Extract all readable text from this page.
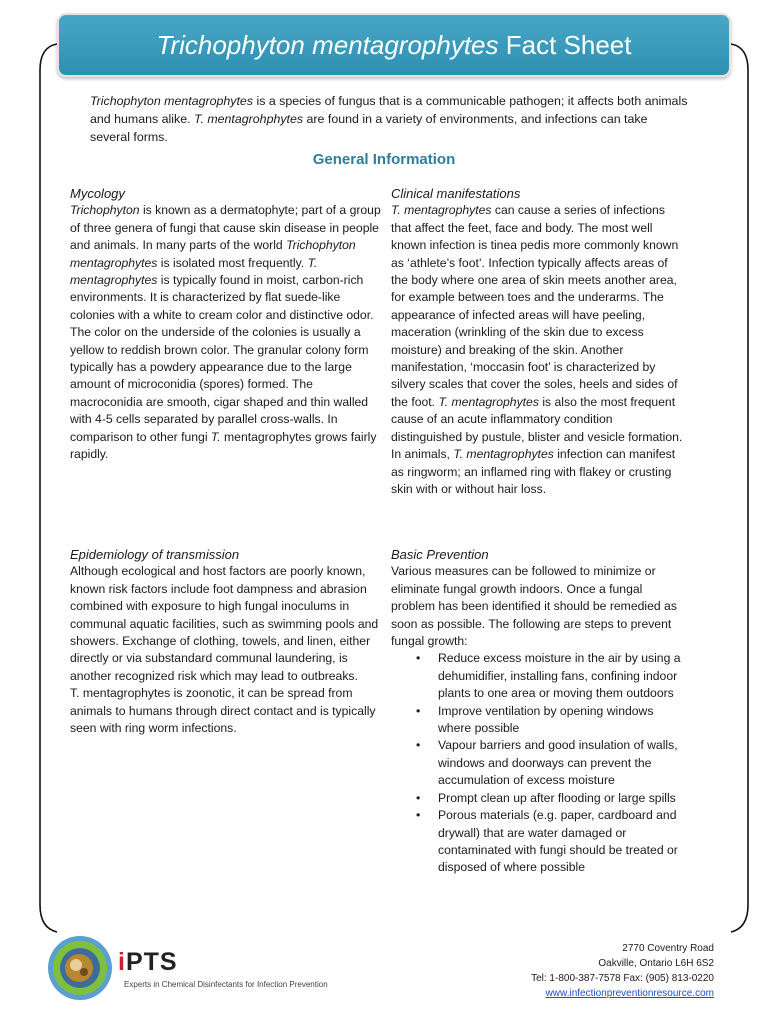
Trichophyton mentagrophytes Fact Sheet
Trichophyton mentagrophytes is a species of fungus that is a communicable pathogen; it affects both animals and humans alike. T. mentagrohphytes are found in a variety of environments, and infections can take several forms.
General Information
Mycology

Trichophyton is known as a dermatophyte; part of a group of three genera of fungi that cause skin disease in people and animals. In many parts of the world Trichophyton mentagrophytes is isolated most frequently. T. mentagrophytes is typically found in moist, carbon-rich environments. It is characterized by flat suede-like colonies with a white to cream color and distinctive odor. The color on the underside of the colonies is usually a yellow to reddish brown color. The granular colony form typically has a powdery appearance due to the large amount of microconidia (spores) formed. The macroconidia are smooth, cigar shaped and thin walled with 4-5 cells separated by parallel cross-walls. In comparison to other fungi T. mentagrophytes grows fairly rapidly.

Clinical manifestations

T. mentagrophytes can cause a series of infections that affect the feet, face and body. The most well known infection is tinea pedis more commonly known as ‘athlete’s foot’. Infection typically affects areas of the body where one area of skin meets another area, for example between toes and the underarms. The appearance of infected areas will have peeling, maceration (wrinkling of the skin due to excess moisture) and breaking of the skin. Another manifestation, ‘moccasin foot’ is characterized by silvery scales that cover the soles, heels and sides of the foot. T. mentagrophytes is also the most frequent cause of an acute inflammatory condition distinguished by pustule, blister and vesicle formation. In animals, T. mentagrophytes infection can manifest as ringworm; an inflamed ring with flakey or crusting skin with or without hair loss.

Epidemiology of transmission

Although ecological and host factors are poorly known, known risk factors include foot dampness and abrasion combined with exposure to high fungal inoculums in communal aquatic facilities, such as swimming pools and showers. Exchange of clothing, towels, and linen, either directly or via substandard communal laundering, is another recognized risk which may lead to outbreaks.

T. mentagrophytes is zoonotic, it can be spread from animals to humans through direct contact and is typically seen with ring worm infections.

Basic Prevention

Various measures can be followed to minimize or eliminate fungal growth indoors. Once a fungal problem has been identified it should be remedied as soon as possible. The following are steps to prevent fungal growth:

• Reduce excess moisture in the air by using a dehumidifier, installing fans, confining indoor plants to one area or moving them outdoors
• Improve ventilation by opening windows where possible
• Vapour barriers and good insulation of walls, windows and doorways can prevent the accumulation of excess moisture
• Prompt clean up after flooding or large spills
• Porous materials (e.g. paper, cardboard and drywall) that are water damaged or contaminated with fungi should be treated or disposed of where possible
iPTS
Experts in Chemical Disinfectants for Infection Prevention
2770 Coventry Road
Oakville, Ontario L6H 6S2
Tel: 1-800-387-7578 Fax: (905) 813-0220
www.infectionpreventionresource.com
